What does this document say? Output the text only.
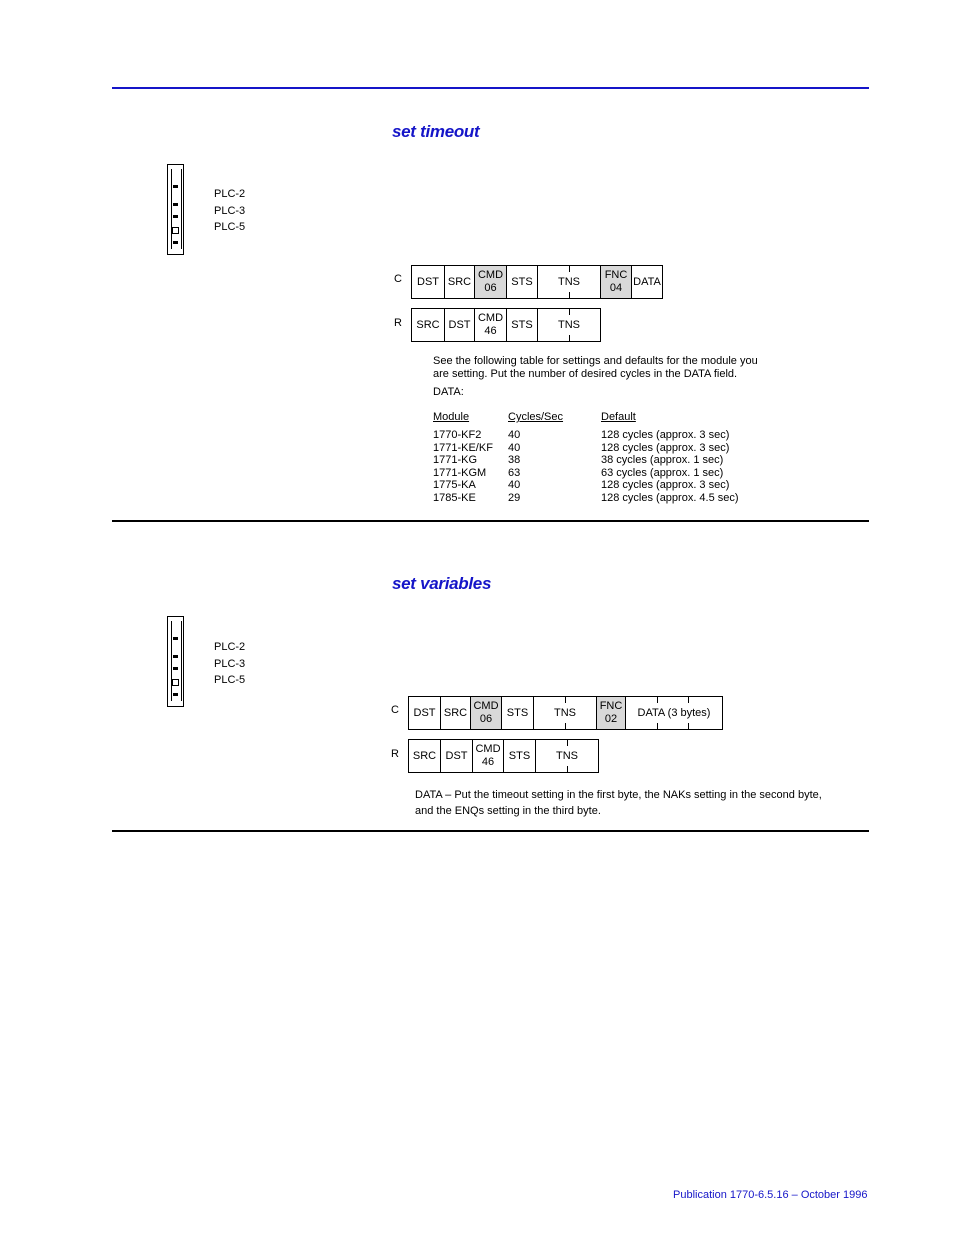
set timeout
PLC-2
PLC-3
PLC-5
C DST SRC
CMD
06
STS TNS
FNC
04
DATA
R SRC DST
CMD
46
STS TNS
See the following table for settings and defaults for the module you are setting. Put the number of desired cycles in the DATA field.
DATA:
Module	Cycles/Sec	Default
1770-KF2 40	128 cycles (approx. 3 sec)
1771-KE/KF 40	128 cycles (approx. 3 sec)
1771-KG	38	38 cycles (approx. 1 sec)
1771-KGM 63	63 cycles (approx. 1 sec)
1775-KA	40	128 cycles (approx. 3 sec)
1785-KE	29	128 cycles (approx. 4.5 sec)
set variables
PLC-2
PLC-3
PLC-5
C DST SRC
CMD
06
STS TNS
FNC
02
DATA (3 bytes)
R SRC DST
CMD
46
STS TNS
DATA – Put the timeout setting in the first byte, the NAKs setting in the second byte, and the ENQs setting in the third byte.
Publication 1770-6.5.16 – October 1996
